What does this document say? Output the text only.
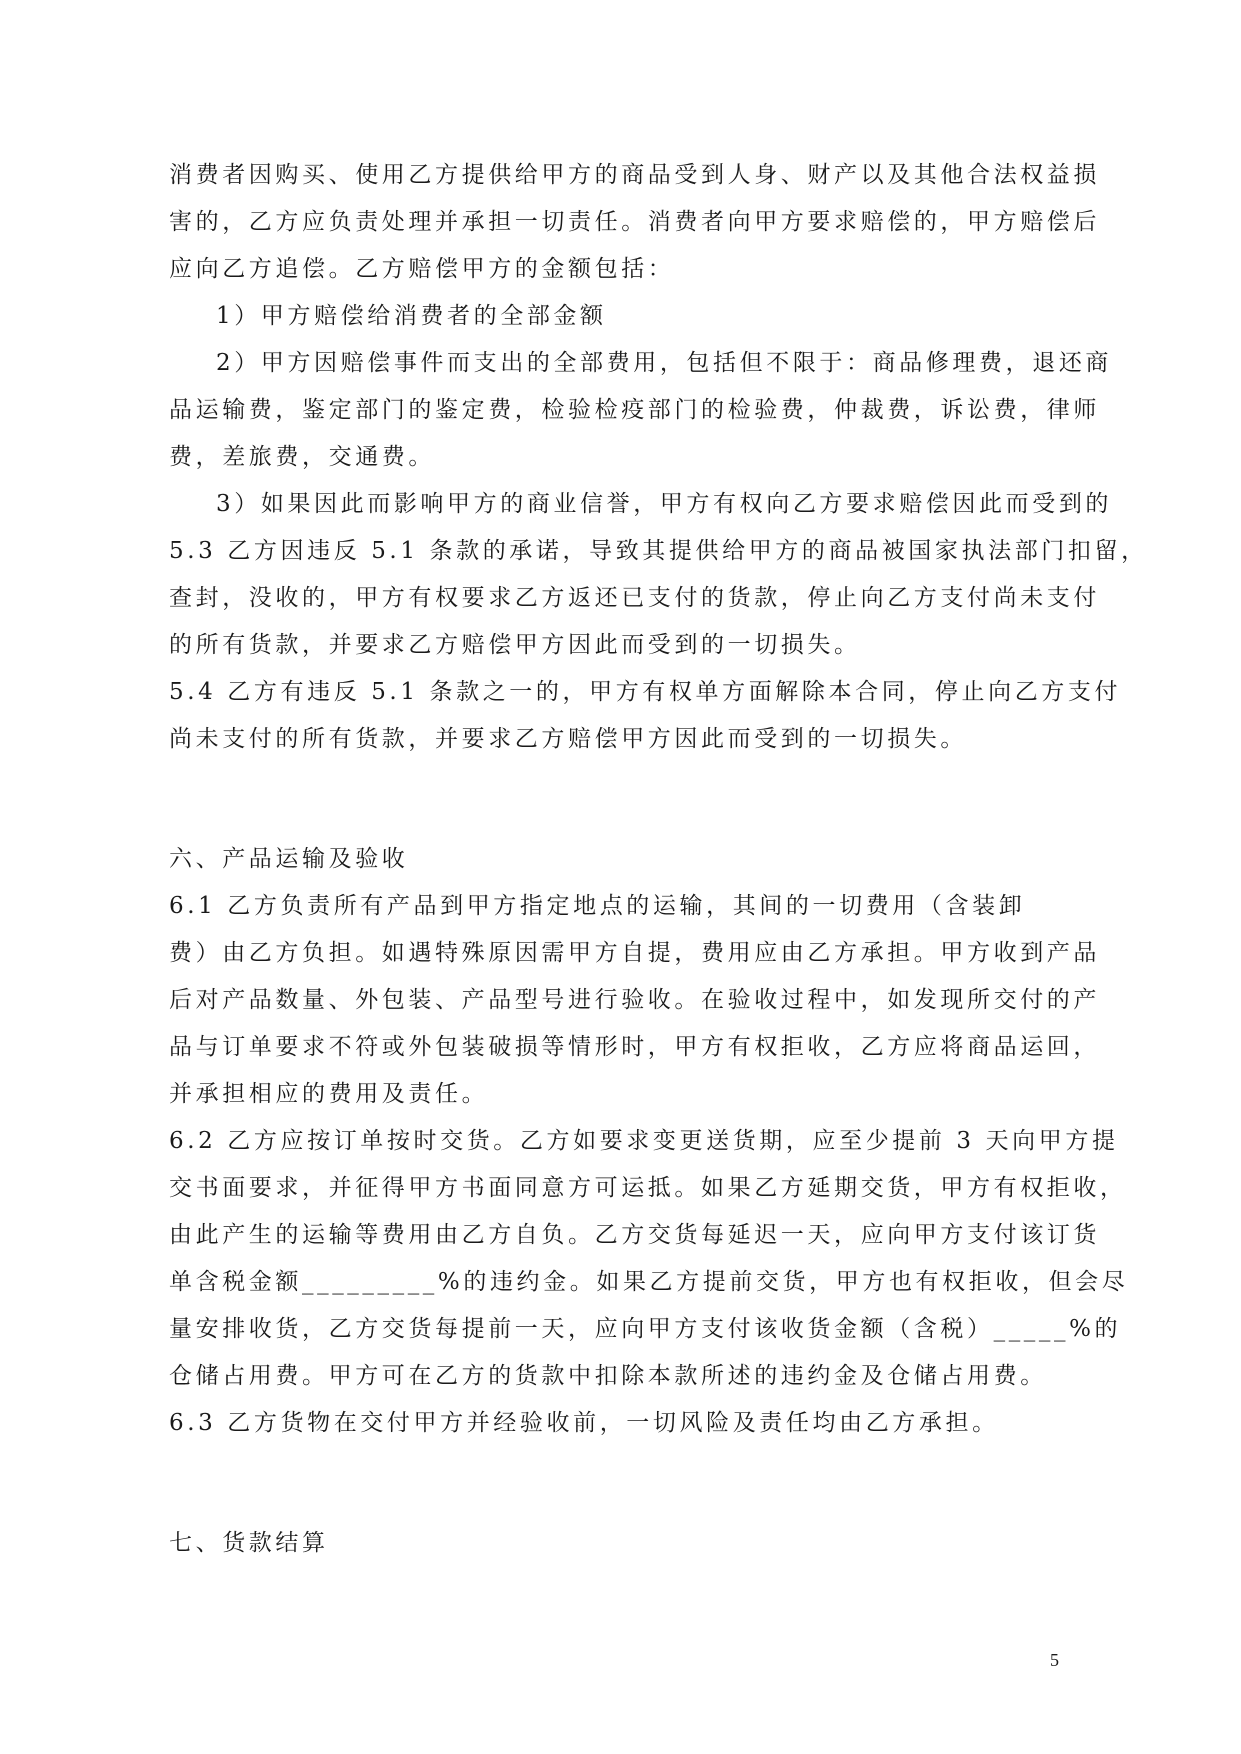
消费者因购买、使用乙方提供给甲方的商品受到人身、财产以及其他合法权益损
害的，乙方应负责处理并承担一切责任。消费者向甲方要求赔偿的，甲方赔偿后
应向乙方追偿。乙方赔偿甲方的金额包括：
1）甲方赔偿给消费者的全部金额
2）甲方因赔偿事件而支出的全部费用，包括但不限于：商品修理费，退还商
品运输费，鉴定部门的鉴定费，检验检疫部门的检验费，仲裁费，诉讼费，律师
费，差旅费，交通费。
3）如果因此而影响甲方的商业信誉，甲方有权向乙方要求赔偿因此而受到的
5.3 乙方因违反 5.1 条款的承诺，导致其提供给甲方的商品被国家执法部门扣留，
查封，没收的，甲方有权要求乙方返还已支付的货款，停止向乙方支付尚未支付
的所有货款，并要求乙方赔偿甲方因此而受到的一切损失。
5.4 乙方有违反 5.1 条款之一的，甲方有权单方面解除本合同，停止向乙方支付
尚未支付的所有货款，并要求乙方赔偿甲方因此而受到的一切损失。
六、产品运输及验收
6.1 乙方负责所有产品到甲方指定地点的运输，其间的一切费用（含装卸
费）由乙方负担。如遇特殊原因需甲方自提，费用应由乙方承担。甲方收到产品
后对产品数量、外包装、产品型号进行验收。在验收过程中，如发现所交付的产
品与订单要求不符或外包装破损等情形时，甲方有权拒收，乙方应将商品运回，
并承担相应的费用及责任。
6.2 乙方应按订单按时交货。乙方如要求变更送货期，应至少提前 3 天向甲方提
交书面要求，并征得甲方书面同意方可运抵。如果乙方延期交货，甲方有权拒收，
由此产生的运输等费用由乙方自负。乙方交货每延迟一天，应向甲方支付该订货
单含税金额_________%的违约金。如果乙方提前交货，甲方也有权拒收，但会尽
量安排收货，乙方交货每提前一天，应向甲方支付该收货金额（含税）_____%的
仓储占用费。甲方可在乙方的货款中扣除本款所述的违约金及仓储占用费。
6.3 乙方货物在交付甲方并经验收前，一切风险及责任均由乙方承担。
七、货款结算
5
